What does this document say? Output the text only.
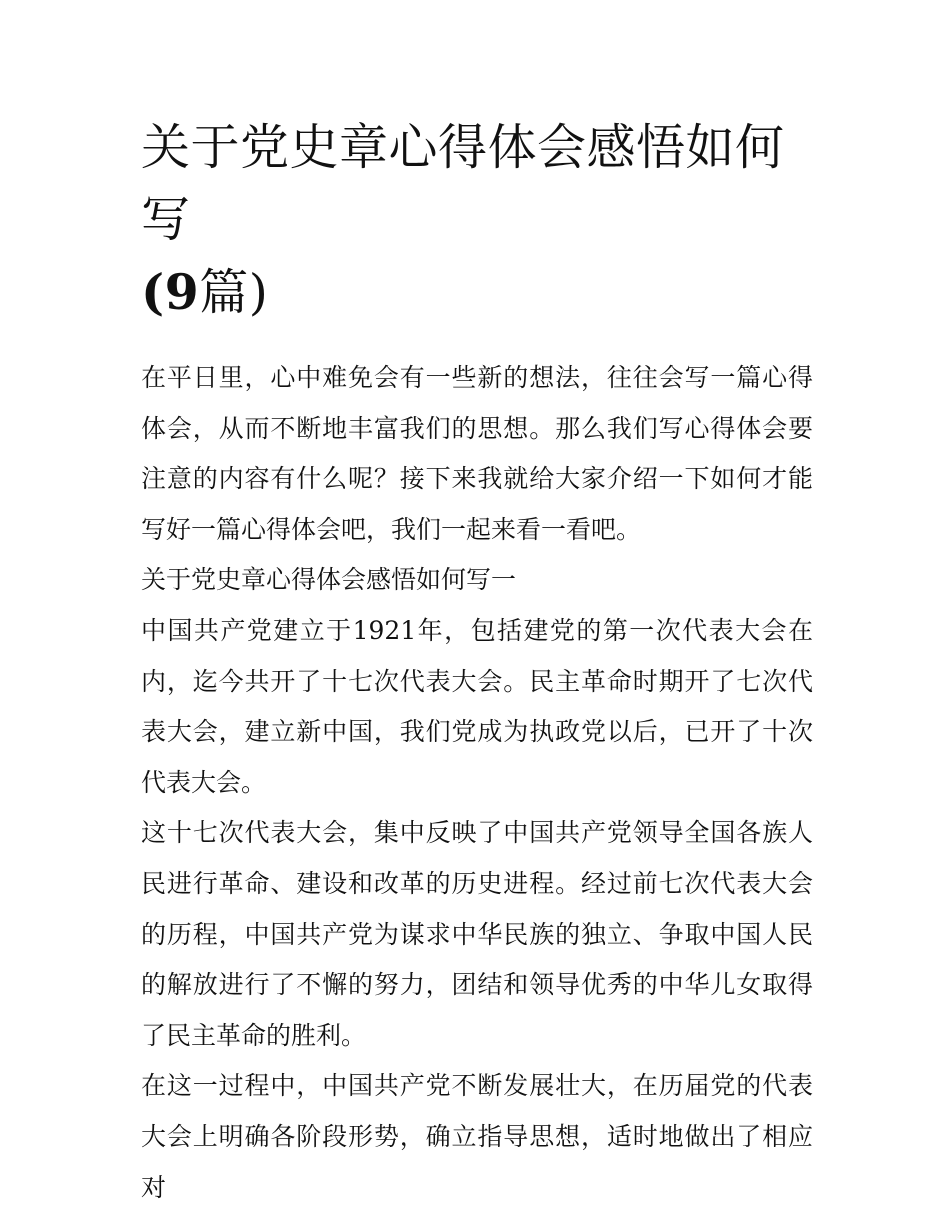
关于党史章心得体会感悟如何写
(9篇)

在平日里，心中难免会有一些新的想法，往往会写一篇心得体会，从而不断地丰富我们的思想。那么我们写心得体会要注意的内容有什么呢？接下来我就给大家介绍一下如何才能写好一篇心得体会吧，我们一起来看一看吧。

关于党史章心得体会感悟如何写一

中国共产党建立于1921年，包括建党的第一次代表大会在内，迄今共开了十七次代表大会。民主革命时期开了七次代表大会，建立新中国，我们党成为执政党以后，已开了十次代表大会。

这十七次代表大会，集中反映了中国共产党领导全国各族人民进行革命、建设和改革的历史进程。经过前七次代表大会的历程，中国共产党为谋求中华民族的独立、争取中国人民的解放进行了不懈的努力，团结和领导优秀的中华儿女取得了民主革命的胜利。

在这一过程中，中国共产党不断发展壮大，在历届党的代表大会上明确各阶段形势，确立指导思想，适时地做出了相应对
